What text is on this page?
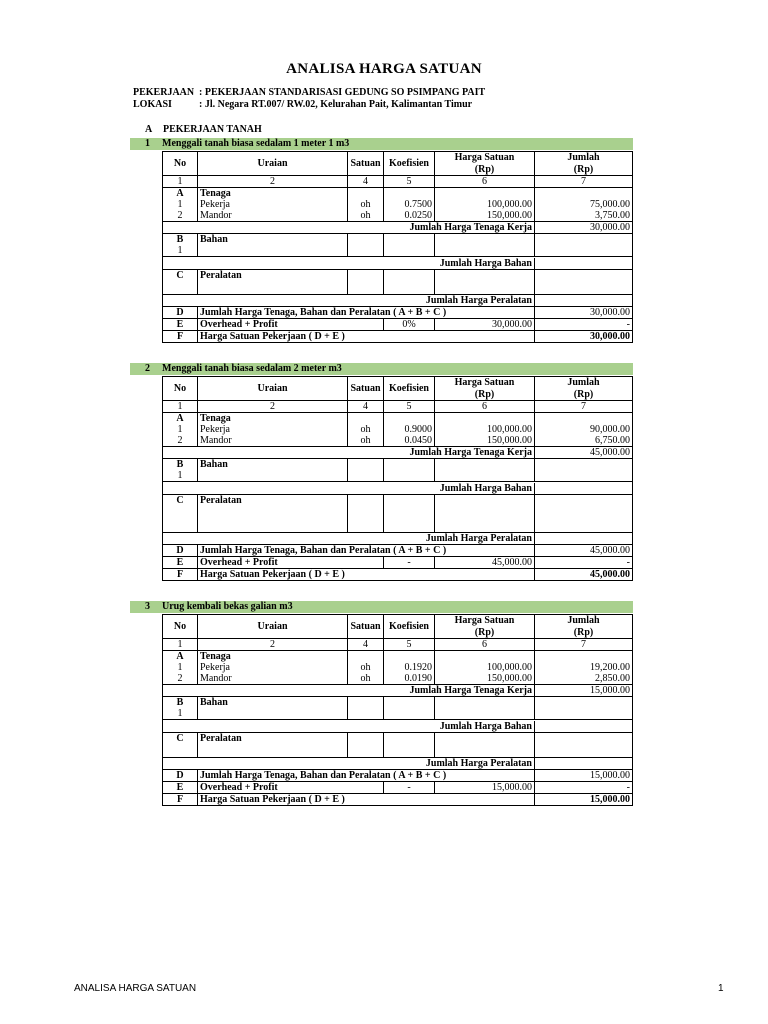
ANALISA HARGA SATUAN
PEKERJAAN : PEKERJAAN STANDARISASI GEDUNG SO PSIMPANG PAIT
LOKASI	: Jl. Negara RT.007/ RW.02, Kelurahan Pait, Kalimantan Timur
A PEKERJAAN TANAH
1 Menggali tanah biasa sedalam 1 meter 1 m3
No	Uraian	Satuan	Koefisien	Harga Satuan	Jumlah
				(Rp)	(Rp)
1	2	4	5	6	7
A	Tenaga				
1	Pekerja	oh	0.7500	100,000.00	75,000.00
2	Mandor	oh	0.0250	150,000.00	3,750.00
Jumlah Harga Tenaga Kerja					30,000.00
B	Bahan				
1					

Jumlah Harga Bahan					
C	Peralatan				

Jumlah Harga Peralatan					
D	Jumlah Harga Tenaga, Bahan dan Peralatan ( A + B + C )				30,000.00
E	Overhead + Profit		0%	30,000.00	-
F	Harga Satuan Pekerjaan ( D + E )				30,000.00
2 Menggali tanah biasa sedalam 2 meter m3
No	Uraian	Satuan	Koefisien	Harga Satuan	Jumlah
				(Rp)	(Rp)
1	2	4	5	6	7
A	Tenaga				
1	Pekerja	oh	0.9000	100,000.00	90,000.00
2	Mandor	oh	0.0450	150,000.00	6,750.00
Jumlah Harga Tenaga Kerja					45,000.00
B	Bahan				
1					

Jumlah Harga Bahan					
C	Peralatan				

Jumlah Harga Peralatan					
D	Jumlah Harga Tenaga, Bahan dan Peralatan ( A + B + C )				45,000.00
E	Overhead + Profit		-	45,000.00	-
F	Harga Satuan Pekerjaan ( D + E )				45,000.00
3 Urug kembali bekas galian m3
No	Uraian	Satuan	Koefisien	Harga Satuan	Jumlah
				(Rp)	(Rp)
1	2	4	5	6	7
A	Tenaga				
1	Pekerja	oh	0.1920	100,000.00	19,200.00
2	Mandor	oh	0.0190	150,000.00	2,850.00
Jumlah Harga Tenaga Kerja					15,000.00
B	Bahan				
1					

Jumlah Harga Bahan					
C	Peralatan				

Jumlah Harga Peralatan					
D	Jumlah Harga Tenaga, Bahan dan Peralatan ( A + B + C )				15,000.00
E	Overhead + Profit		-	15,000.00	-
F	Harga Satuan Pekerjaan ( D + E )				15,000.00
ANALISA HARGA SATUAN	1
